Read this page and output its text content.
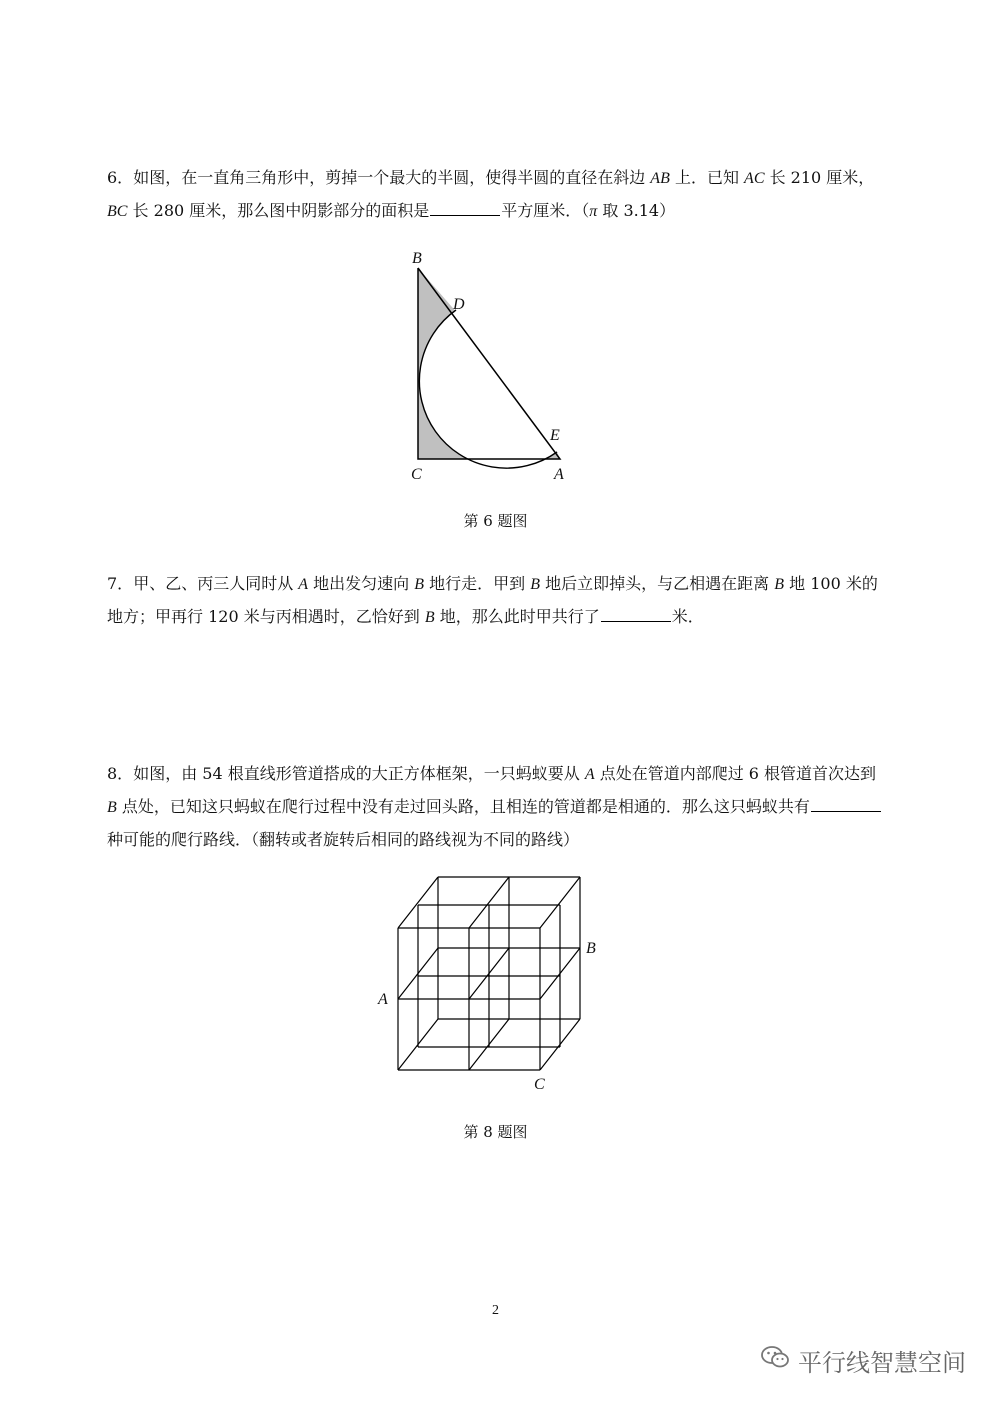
6．如图，在一直角三角形中，剪掉一个最大的半圆，使得半圆的直径在斜边 AB 上．已知 AC 长 210 厘米，BC 长 280 厘米，那么图中阴影部分的面积是	平方厘米．（π 取 3.14）

B
D
E
C	A

第 6 题图

7．甲、乙、丙三人同时从 A 地出发匀速向 B 地行走．甲到 B 地后立即掉头，与乙相遇在距离 B 地 100 米的地方；甲再行 120 米与丙相遇时，乙恰好到 B 地，那么此时甲共行了	米．

8．如图，由 54 根直线形管道搭成的大正方体框架，一只蚂蚁要从 A 点处在管道内部爬过 6 根管道首次达到 B 点处，已知这只蚂蚁在爬行过程中没有走过回头路，且相连的管道都是相通的．那么这只蚂蚁共有种可能的爬行路线．（翻转或者旋转后相同的路线视为不同的路线）

A
B
C

第 8 题图

2
平行线智慧空间
